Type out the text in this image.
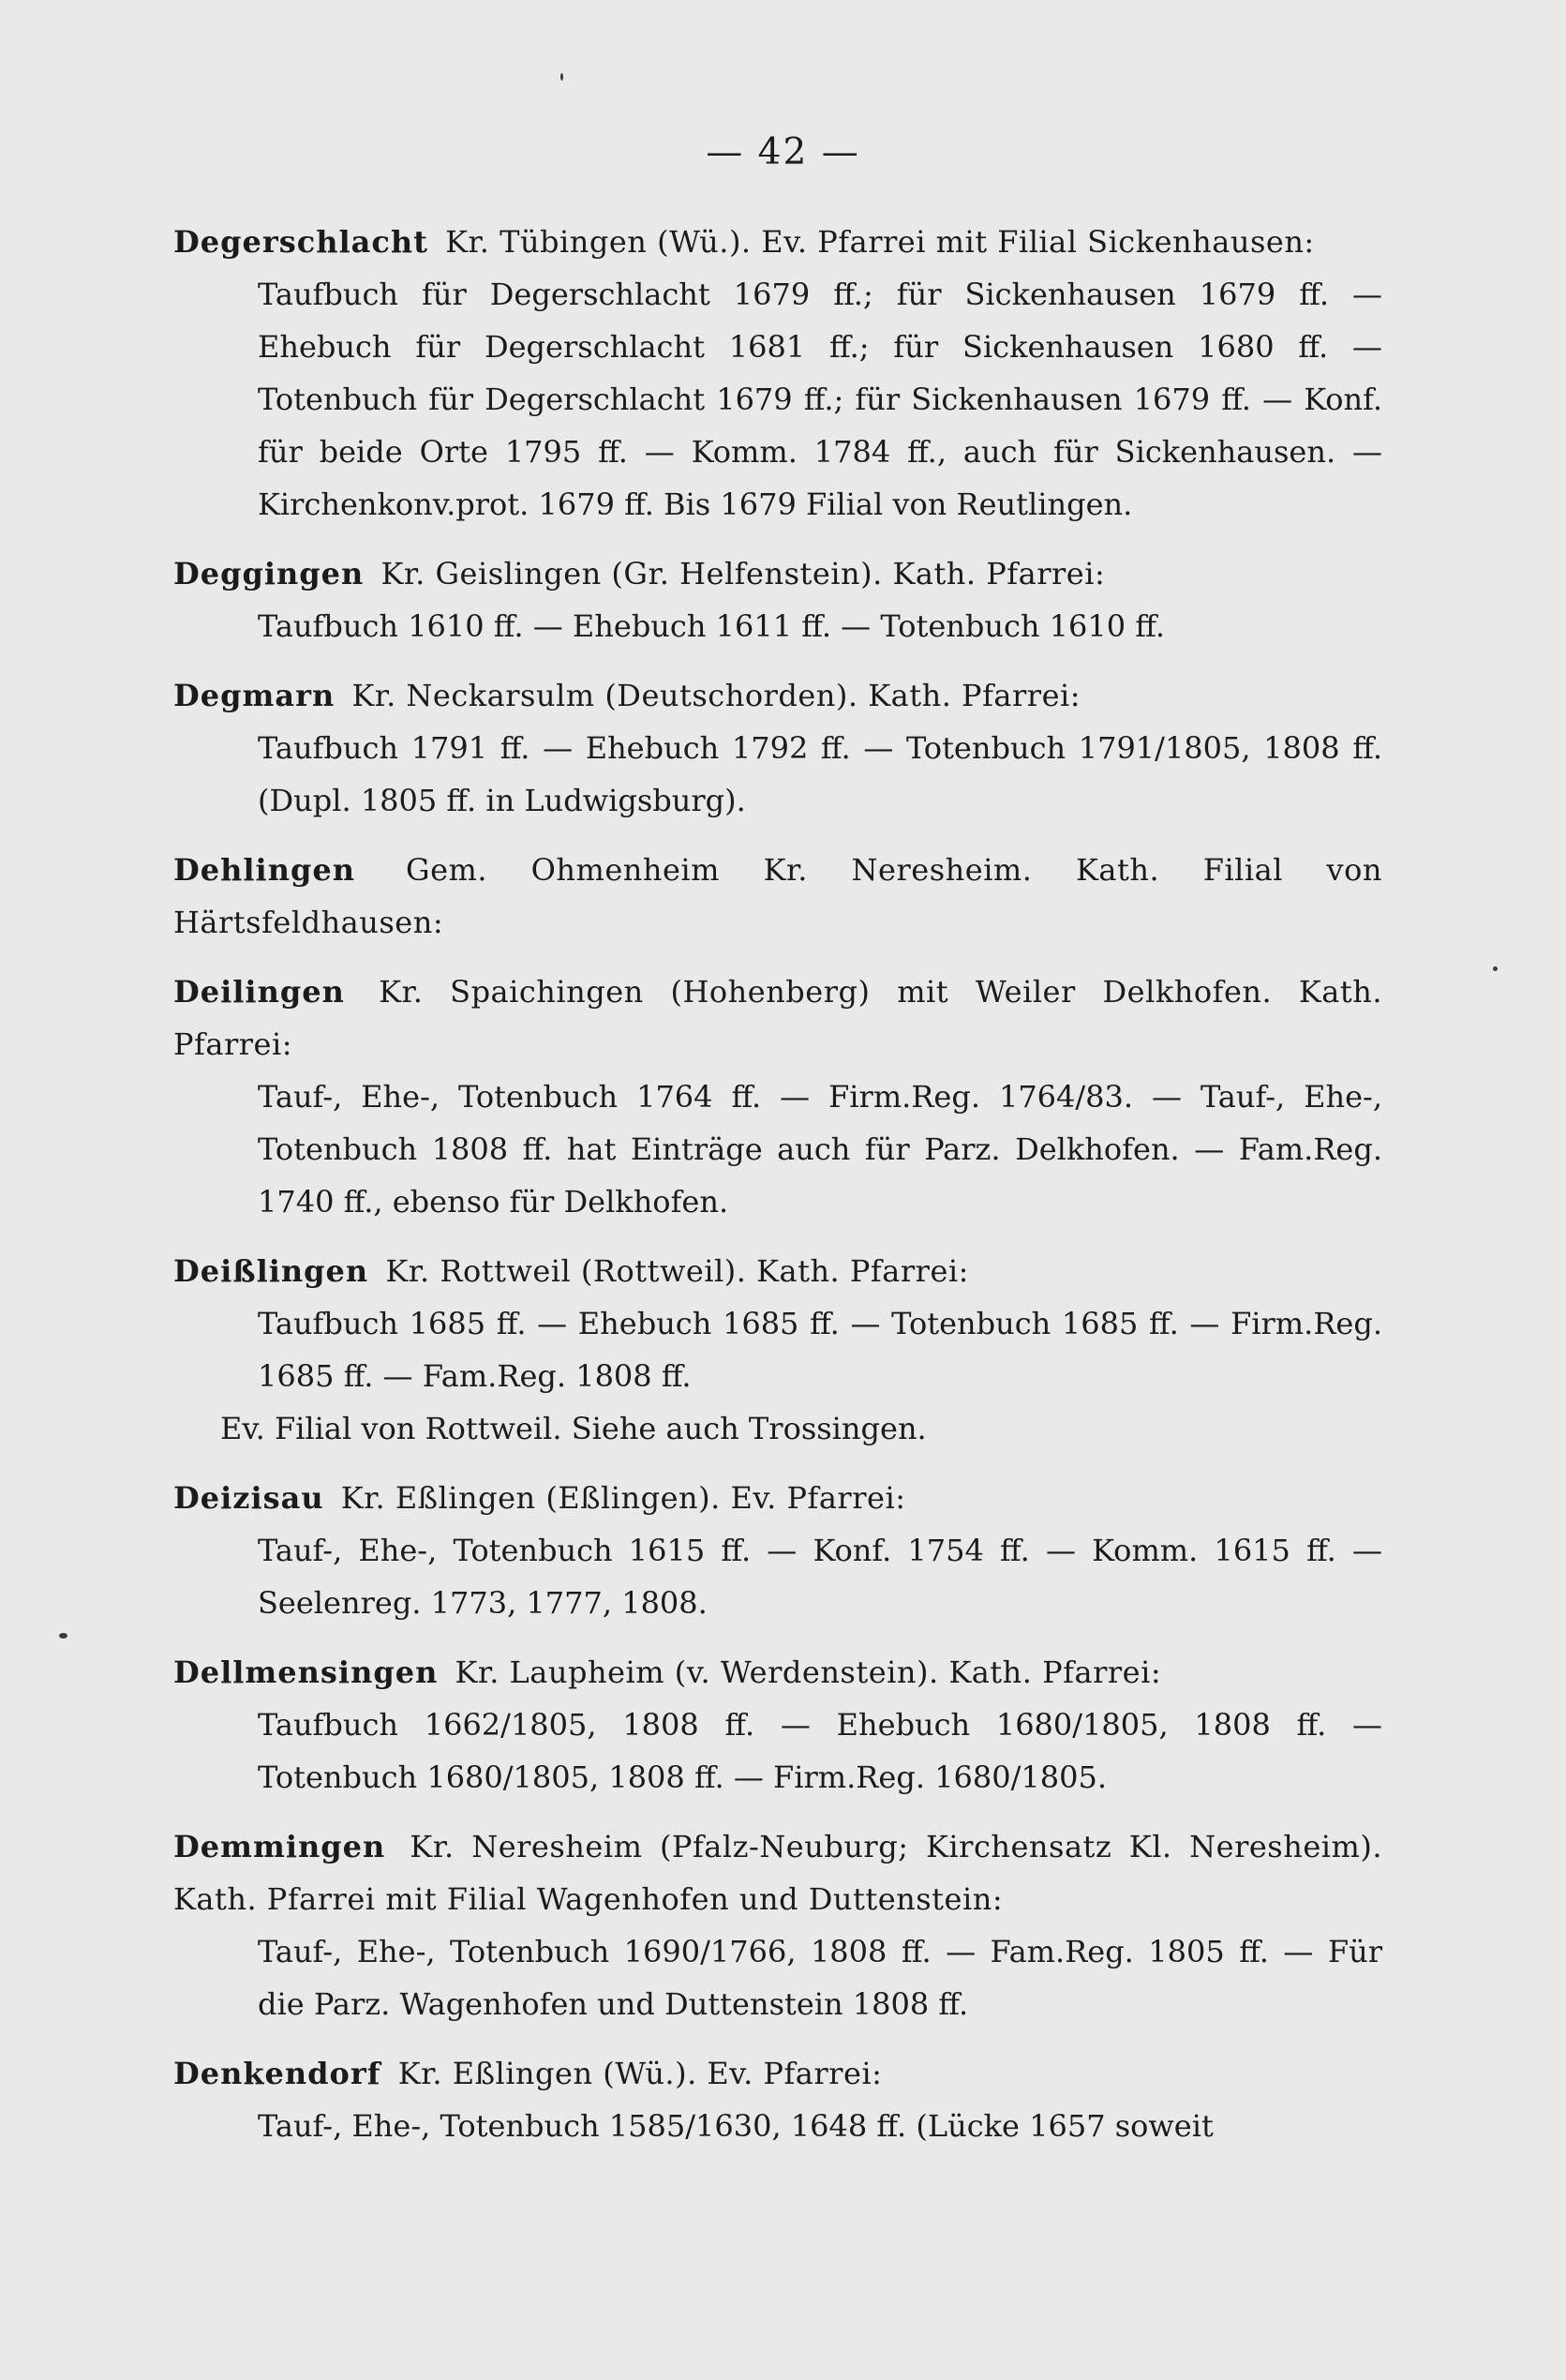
— 42 —
Degerschlacht Kr. Tübingen (Wü.). Ev. Pfarrei mit Filial Sickenhausen:
Taufbuch für Degerschlacht 1679 ff.; für Sickenhausen 1679 ff. — Ehebuch für Degerschlacht 1681 ff.; für Sickenhausen 1680 ff. — Totenbuch für Degerschlacht 1679 ff.; für Sickenhausen 1679 ff. — Konf. für beide Orte 1795 ff. — Komm. 1784 ff., auch für Sickenhausen. — Kirchenkonv.prot. 1679 ff. Bis 1679 Filial von Reutlingen.
Deggingen Kr. Geislingen (Gr. Helfenstein). Kath. Pfarrei:
Taufbuch 1610 ff. — Ehebuch 1611 ff. — Totenbuch 1610 ff.
Degmarn Kr. Neckarsulm (Deutschorden). Kath. Pfarrei:
Taufbuch 1791 ff. — Ehebuch 1792 ff. — Totenbuch 1791/1805, 1808 ff. (Dupl. 1805 ff. in Ludwigsburg).
Dehlingen Gem. Ohmenheim Kr. Neresheim. Kath. Filial von Härtsfeldhausen:
Deilingen Kr. Spaichingen (Hohenberg) mit Weiler Delkhofen. Kath. Pfarrei:
Tauf-, Ehe-, Totenbuch 1764 ff. — Firm.Reg. 1764/83. — Tauf-, Ehe-, Totenbuch 1808 ff. hat Einträge auch für Parz. Delkhofen. — Fam.Reg. 1740 ff., ebenso für Delkhofen.
Deißlingen Kr. Rottweil (Rottweil). Kath. Pfarrei:
Taufbuch 1685 ff. — Ehebuch 1685 ff. — Totenbuch 1685 ff. — Firm.Reg. 1685 ff. — Fam.Reg. 1808 ff.
Ev. Filial von Rottweil. Siehe auch Trossingen.
Deizisau Kr. Eßlingen (Eßlingen). Ev. Pfarrei:
Tauf-, Ehe-, Totenbuch 1615 ff. — Konf. 1754 ff. — Komm. 1615 ff. — Seelenreg. 1773, 1777, 1808.
Dellmensingen Kr. Laupheim (v. Werdenstein). Kath. Pfarrei:
Taufbuch 1662/1805, 1808 ff. — Ehebuch 1680/1805, 1808 ff. — Totenbuch 1680/1805, 1808 ff. — Firm.Reg. 1680/1805.
Demmingen Kr. Neresheim (Pfalz-Neuburg; Kirchensatz Kl. Neresheim). Kath. Pfarrei mit Filial Wagenhofen und Duttenstein:
Tauf-, Ehe-, Totenbuch 1690/1766, 1808 ff. — Fam.Reg. 1805 ff. — Für die Parz. Wagenhofen und Duttenstein 1808 ff.
Denkendorf Kr. Eßlingen (Wü.). Ev. Pfarrei:
Tauf-, Ehe-, Totenbuch 1585/1630, 1648 ff. (Lücke 1657 soweit
